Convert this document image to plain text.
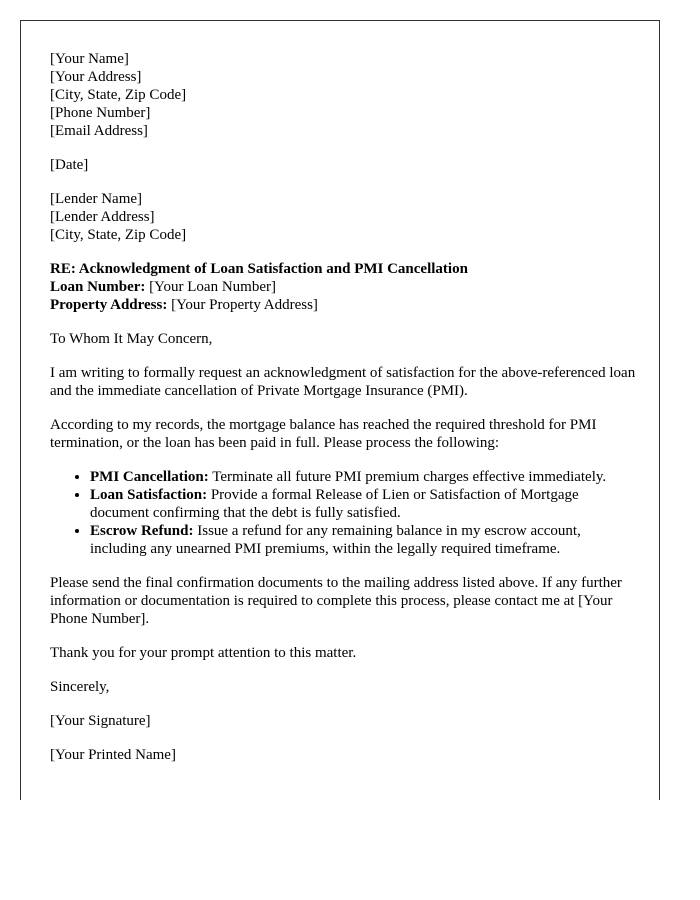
[Your Name]
[Your Address]
[City, State, Zip Code]
[Phone Number]
[Email Address]
[Date]
[Lender Name]
[Lender Address]
[City, State, Zip Code]
RE: Acknowledgment of Loan Satisfaction and PMI Cancellation
Loan Number: [Your Loan Number]
Property Address: [Your Property Address]

To Whom It May Concern,

I am writing to formally request an acknowledgment of satisfaction for the above-referenced loan and the immediate cancellation of Private Mortgage Insurance (PMI).

According to my records, the mortgage balance has reached the required threshold for PMI termination, or the loan has been paid in full. Please process the following:

• PMI Cancellation: Terminate all future PMI premium charges effective immediately.
• Loan Satisfaction: Provide a formal Release of Lien or Satisfaction of Mortgage document confirming that the debt is fully satisfied.
• Escrow Refund: Issue a refund for any remaining balance in my escrow account, including any unearned PMI premiums, within the legally required timeframe.

Please send the final confirmation documents to the mailing address listed above. If any further information or documentation is required to complete this process, please contact me at [Your Phone Number].

Thank you for your prompt attention to this matter.

Sincerely,

[Your Signature]

[Your Printed Name]
